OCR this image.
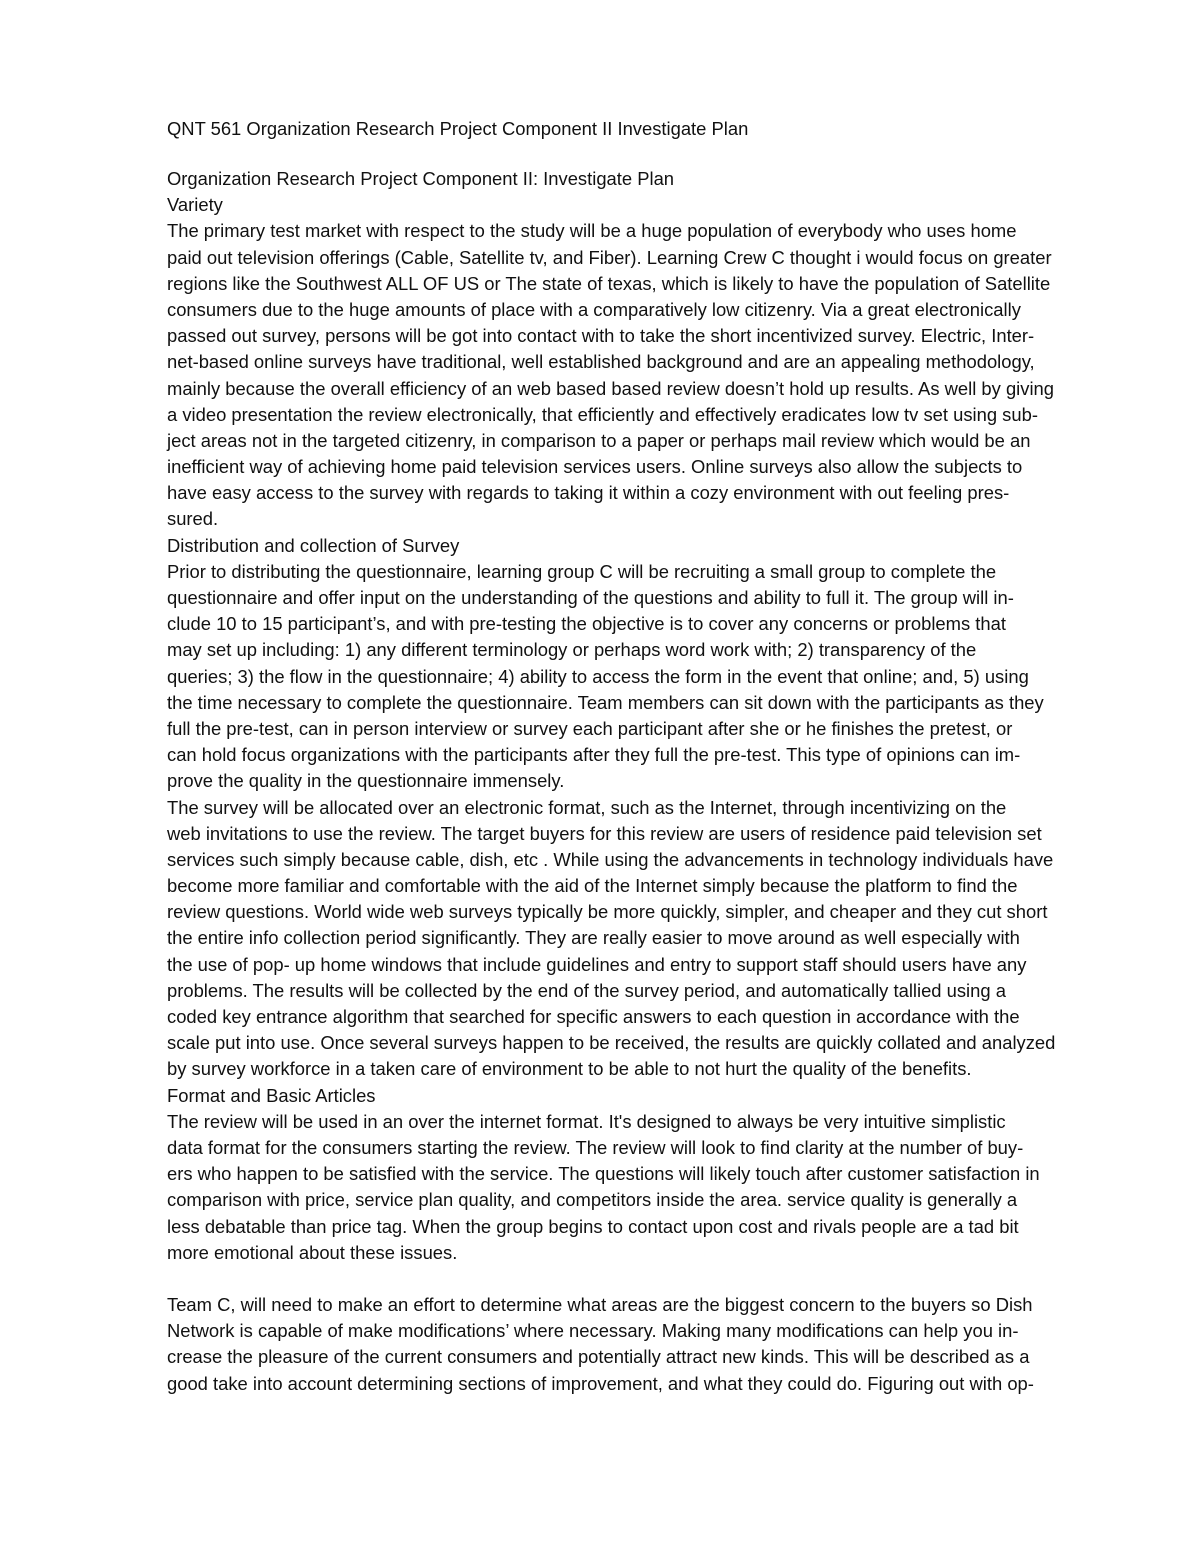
QNT 561 Organization Research Project Component II Investigate Plan
Organization Research Project Component II: Investigate Plan
Variety
The primary test market with respect to the study will be a huge population of everybody who uses home
paid out television offerings (Cable, Satellite tv, and Fiber). Learning Crew C thought i would focus on greater
regions like the Southwest ALL OF US or The state of texas, which is likely to have the population of Satellite
consumers due to the huge amounts of place with a comparatively low citizenry. Via a great electronically
passed out survey, persons will be got into contact with to take the short incentivized survey. Electric, Inter-
net-based online surveys have traditional, well established background and are an appealing methodology,
mainly because the overall efficiency of an web based based review doesn’t hold up results. As well by giving
a video presentation the review electronically, that efficiently and effectively eradicates low tv set using sub-
ject areas not in the targeted citizenry, in comparison to a paper or perhaps mail review which would be an
inefficient way of achieving home paid television services users. Online surveys also allow the subjects to
have easy access to the survey with regards to taking it within a cozy environment with out feeling pres-
sured.
Distribution and collection of Survey
Prior to distributing the questionnaire, learning group C will be recruiting a small group to complete the
questionnaire and offer input on the understanding of the questions and ability to full it. The group will in-
clude 10 to 15 participant’s, and with pre-testing the objective is to cover any concerns or problems that
may set up including: 1) any different terminology or perhaps word work with; 2) transparency of the
queries; 3) the flow in the questionnaire; 4) ability to access the form in the event that online; and, 5) using
the time necessary to complete the questionnaire. Team members can sit down with the participants as they
full the pre-test, can in person interview or survey each participant after she or he finishes the pretest, or
can hold focus organizations with the participants after they full the pre-test. This type of opinions can im-
prove the quality in the questionnaire immensely.
The survey will be allocated over an electronic format, such as the Internet, through incentivizing on the
web invitations to use the review. The target buyers for this review are users of residence paid television set
services such simply because cable, dish, etc . While using the advancements in technology individuals have
become more familiar and comfortable with the aid of the Internet simply because the platform to find the
review questions. World wide web surveys typically be more quickly, simpler, and cheaper and they cut short
the entire info collection period significantly. They are really easier to move around as well especially with
the use of pop- up home windows that include guidelines and entry to support staff should users have any
problems. The results will be collected by the end of the survey period, and automatically tallied using a
coded key entrance algorithm that searched for specific answers to each question in accordance with the
scale put into use. Once several surveys happen to be received, the results are quickly collated and analyzed
by survey workforce in a taken care of environment to be able to not hurt the quality of the benefits.
Format and Basic Articles
The review will be used in an over the internet format. It's designed to always be very intuitive simplistic
data format for the consumers starting the review. The review will look to find clarity at the number of buy-
ers who happen to be satisfied with the service. The questions will likely touch after customer satisfaction in
comparison with price, service plan quality, and competitors inside the area. service quality is generally a
less debatable than price tag. When the group begins to contact upon cost and rivals people are a tad bit
more emotional about these issues.
Team C, will need to make an effort to determine what areas are the biggest concern to the buyers so Dish
Network is capable of make modifications’ where necessary. Making many modifications can help you in-
crease the pleasure of the current consumers and potentially attract new kinds. This will be described as a
good take into account determining sections of improvement, and what they could do. Figuring out with op-
